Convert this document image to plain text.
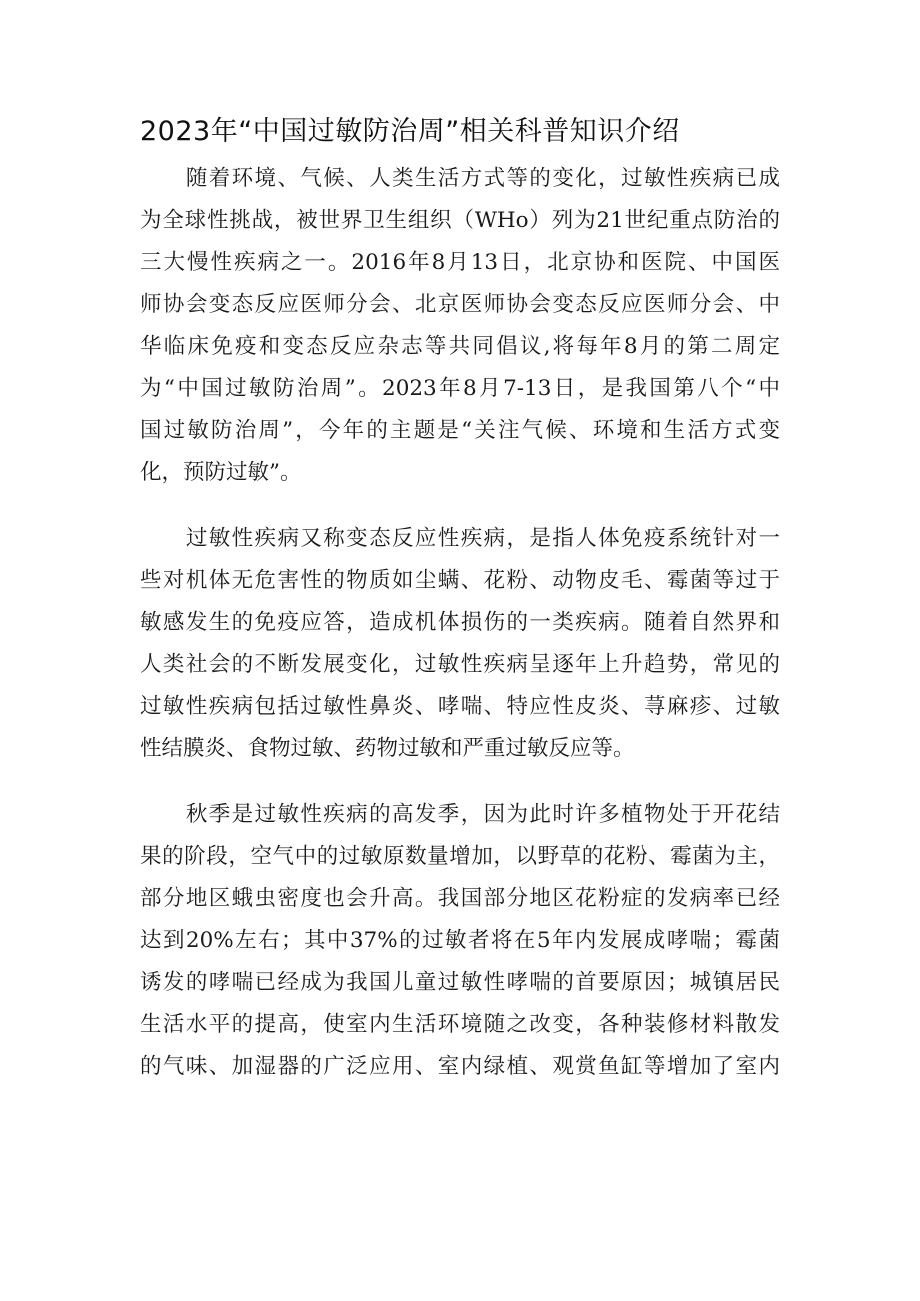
2023年“中国过敏防治周”相关科普知识介绍

　　随着环境、气候、人类生活方式等的变化，过敏性疾病已成
为全球性挑战，被世界卫生组织（WHo）列为21世纪重点防治的
三大慢性疾病之一。2016年8月13日，北京协和医院、中国医
师协会变态反应医师分会、北京医师协会变态反应医师分会、中
华临床免疫和变态反应杂志等共同倡议,将每年8月的第二周定
为“中国过敏防治周”。2023年8月7-13日，是我国第八个“中
国过敏防治周”，今年的主题是“关注气候、环境和生活方式变
化，预防过敏”。

　　过敏性疾病又称变态反应性疾病，是指人体免疫系统针对一
些对机体无危害性的物质如尘螨、花粉、动物皮毛、霉菌等过于
敏感发生的免疫应答，造成机体损伤的一类疾病。随着自然界和
人类社会的不断发展变化，过敏性疾病呈逐年上升趋势，常见的
过敏性疾病包括过敏性鼻炎、哮喘、特应性皮炎、荨麻疹、过敏
性结膜炎、食物过敏、药物过敏和严重过敏反应等。

　　秋季是过敏性疾病的高发季，因为此时许多植物处于开花结
果的阶段，空气中的过敏原数量增加，以野草的花粉、霉菌为主，
部分地区蛾虫密度也会升高。我国部分地区花粉症的发病率已经
达到20%左右；其中37%的过敏者将在5年内发展成哮喘；霉菌
诱发的哮喘已经成为我国儿童过敏性哮喘的首要原因；城镇居民
生活水平的提高，使室内生活环境随之改变，各种装修材料散发
的气味、加湿器的广泛应用、室内绿植、观赏鱼缸等增加了室内
